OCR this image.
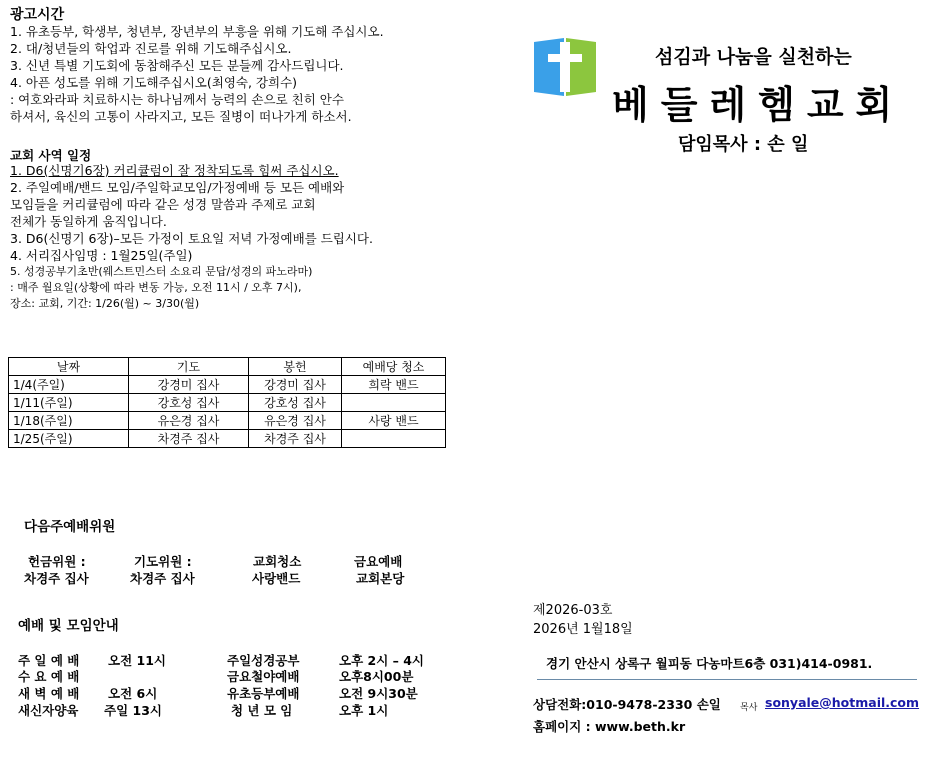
광고시간
1. 유초등부, 학생부, 청년부, 장년부의 부흥을 위해 기도해 주십시오.
2. 대/청년들의 학업과 진로를 위해 기도해주십시오.
3. 신년 특별 기도회에 동참해주신 모든 분들께 감사드립니다.
4. 아픈 성도를 위해 기도해주십시오(최영숙, 강희수)
: 여호와라파 치료하시는 하나님께서 능력의 손으로 친히 안수
하셔서, 육신의 고통이 사라지고, 모든 질병이 떠나가게 하소서.
교회 사역 일정
1. D6(신명기6장) 커리큘럼이 잘 정착되도록 힘써 주십시오.
2. 주일예배/밴드 모임/주일학교모임/가정예배 등 모든 예배와
모임들을 커리큘럼에 따라 같은 성경 말씀과 주제로 교회
전체가 동일하게 움직입니다.
3. D6(신명기 6장)–모든 가정이 토요일 저녁 가정예배를 드립시다.
4. 서리집사임명 : 1월25일(주일)
5. 성경공부기초반(웨스트민스터 소요리 문답/성경의 파노라마)
: 매주 월요일(상황에 따라 변동 가능, 오전 11시 / 오후 7시),
장소: 교회, 기간: 1/26(월) ~ 3/30(월)
섬김과 나눔을 실천하는
베들레헴교회
담임목사 : 손 일
날짜	기도	봉헌	예배당 청소
1/4(주일)	강경미 집사	강경미 집사	희락 밴드
1/11(주일)	강호성 집사	강호성 집사	
1/18(주일)	유은경 집사	유은경 집사	사랑 밴드
1/25(주일)	차경주 집사	차경주 집사	
다음주예배위원
헌금위원 :
차경주 집사
기도위원 :
차경주 집사
교회청소
사랑밴드
금요예배
교회본당
예배 및 모임안내
주 일 예 배 오전 11시	주일성경공부	오후 2시 – 4시
수 요 예 배	금요철야예배	오후8시00분
새 벽 예 배 오전 6시	유초등부예배	오전 9시30분
새신자양육 주일 13시	청 년 모 임	오후 1시
제2026-03호
2026년 1월18일
경기 안산시 상록구 월피동 다농마트6층 031)414-0981.
상담전화:010-9478-2330 손일 목사 sonyale@hotmail.com
홈페이지 : www.beth.kr
